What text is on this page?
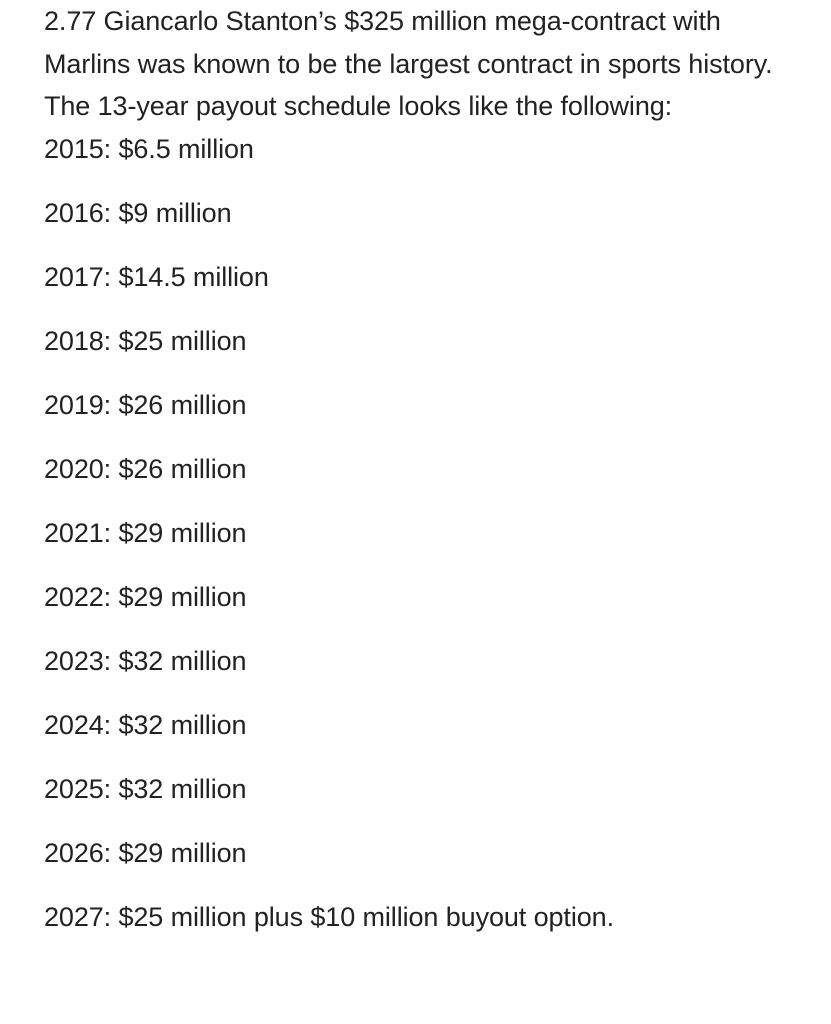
2.77 Giancarlo Stanton’s $325 million mega-contract with Marlins was known to be the largest contract in sports history. The 13-year payout schedule looks like the following:

2015: $6.5 million
2016: $9 million
2017: $14.5 million
2018: $25 million
2019: $26 million
2020: $26 million
2021: $29 million
2022: $29 million
2023: $32 million
2024: $32 million
2025: $32 million
2026: $29 million
2027: $25 million plus $10 million buyout option.
